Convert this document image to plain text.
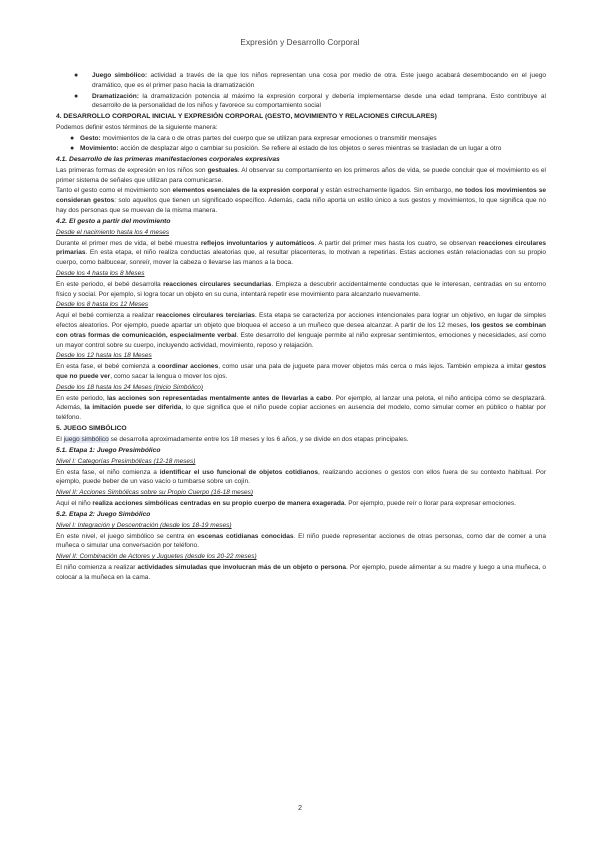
Expresión y Desarrollo Corporal
●	Juego simbólico: actividad a través de la que los niños representan una cosa por medio de otra. Este juego acabará desembocando en el juego dramático, que es el primer paso hacia la dramatización
●	Dramatización: la dramatización potencia al máximo la expresión corporal y debería implementarse desde una edad temprana. Esto contribuye al desarrollo de la personalidad de los niños y favorece su comportamiento social
4. DESARROLLO CORPORAL INICIAL Y EXPRESIÓN CORPORAL (GESTO, MOVIMIENTO Y RELACIONES CIRCULARES)

Podemos definir estos términos de la siguiente manera:

● Gesto: movimientos de la cara o de otras partes del cuerpo que se utilizan para expresar emociones o transmitir mensajes
● Movimiento: acción de desplazar algo o cambiar su posición. Se refiere al estado de los objetos o seres mientras se trasladan de un lugar a otro
4.1. Desarrollo de las primeras manifestaciones corporales expresivas

Las primeras formas de expresión en los niños son gestuales. Al observar su comportamiento en los primeros años de vida, se puede concluir que el movimiento es el primer sistema de señales que utilizan para comunicarse.

Tanto el gesto como el movimiento son elementos esenciales de la expresión corporal y están estrechamente ligados. Sin embargo, no todos los movimientos se consideran gestos: solo aquellos que tienen un significado específico. Además, cada niño aporta un estilo único a sus gestos y movimientos, lo que significa que no hay dos personas que se muevan de la misma manera.

4.2. El gesto a partir del movimiento
Desde el nacimiento hasta los 4 meses

Durante el primer mes de vida, el bebé muestra reflejos involuntarios y automáticos. A partir del primer mes hasta los cuatro, se observan reacciones circulares primarias. En esta etapa, el niño realiza conductas aleatorias que, al resultar placenteras, lo motivan a repetirlas. Estas acciones están relacionadas con su propio cuerpo, como balbucear, sonreír, mover la cabeza o llevarse las manos a la boca.

Desde los 4 hasta los 8 Meses

En este periodo, el bebé desarrolla reacciones circulares secundarias. Empieza a descubrir accidentalmente conductas que le interesan, centradas en su entorno físico y social. Por ejemplo, si logra tocar un objeto en su cuna, intentará repetir ese movimiento para alcanzarlo nuevamente.

Desde los 8 hasta los 12 Meses

Aquí el bebé comienza a realizar reacciones circulares terciarias. Esta etapa se caracteriza por acciones intencionales para lograr un objetivo, en lugar de simples efectos aleatorios. Por ejemplo, puede apartar un objeto que bloquea el acceso a un muñeco que desea alcanzar. A partir de los 12 meses, los gestos se combinan con otras formas de comunicación, especialmente verbal. Este desarrollo del lenguaje permite al niño expresar sentimientos, emociones y necesidades, así como un mayor control sobre su cuerpo, incluyendo actividad, movimiento, reposo y relajación.

Desde los 12 hasta los 18 Meses

En esta fase, el bebé comienza a coordinar acciones, como usar una pala de juguete para mover objetos más cerca o más lejos. También empieza a imitar gestos que no puede ver, como sacar la lengua o mover los ojos.

Desde los 18 hasta los 24 Meses (Inicio Simbólico)

En este periodo, las acciones son representadas mentalmente antes de llevarlas a cabo. Por ejemplo, al lanzar una pelota, el niño anticipa cómo se desplazará. Además, la imitación puede ser diferida, lo que significa que el niño puede copiar acciones en ausencia del modelo, como simular comer en público o hablar por teléfono.

5. JUEGO SIMBÓLICO

El juego simbólico se desarrolla aproximadamente entre los 18 meses y los 6 años, y se divide en dos etapas principales.

5.1. Etapa 1: Juego Presimbólico
Nivel I: Categorías Presimbólicas (12-18 meses)

En esta fase, el niño comienza a identificar el uso funcional de objetos cotidianos, realizando acciones o gestos con ellos fuera de su contexto habitual. Por ejemplo, puede beber de un vaso vacío o tumbarse sobre un cojín.

Nivel II: Acciones Simbólicas sobre su Propio Cuerpo (16-18 meses)

Aquí el niño realiza acciones simbólicas centradas en su propio cuerpo de manera exagerada. Por ejemplo, puede reír o llorar para expresar emociones.

5.2. Etapa 2: Juego Simbólico
Nivel I: Integración y Descentración (desde los 18-19 meses)

En este nivel, el juego simbólico se centra en escenas cotidianas conocidas. El niño puede representar acciones de otras personas, como dar de comer a una muñeca o simular una conversación por teléfono.

Nivel II: Combinación de Actores y Juguetes (desde los 20-22 meses)

El niño comienza a realizar actividades simuladas que involucran más de un objeto o persona. Por ejemplo, puede alimentar a su madre y luego a una muñeca, o colocar a la muñeca en la cama.

2
